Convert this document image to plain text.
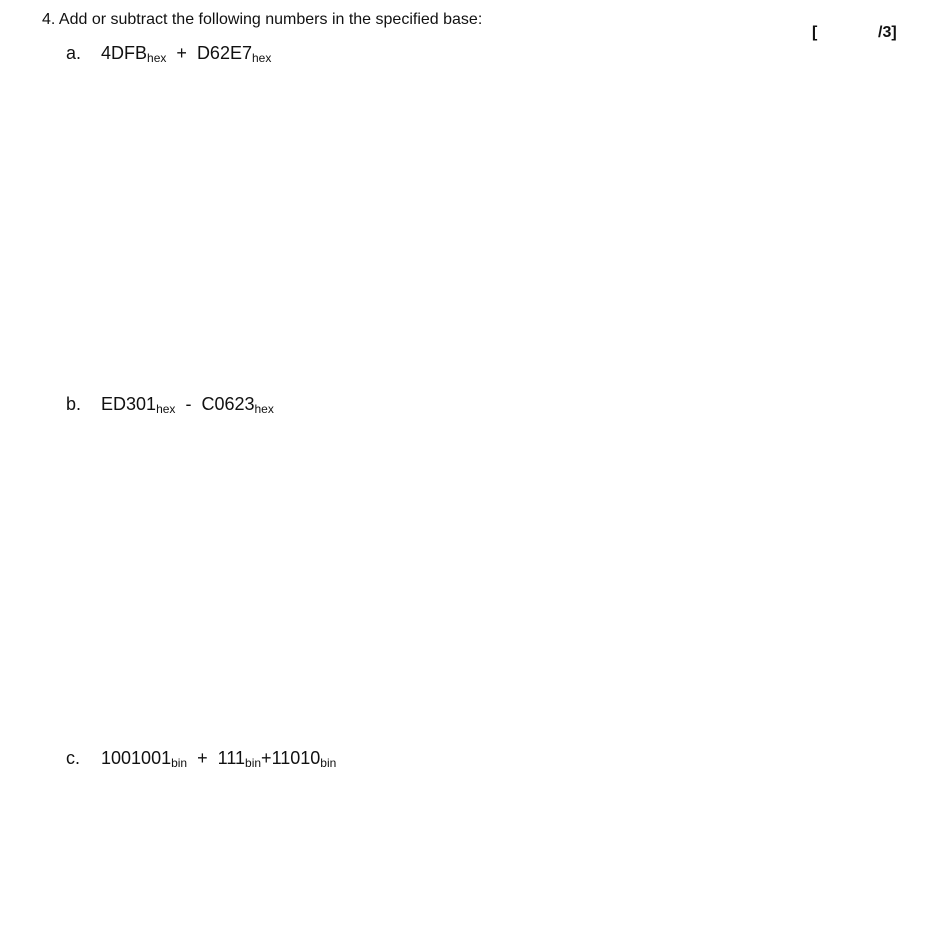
4. Add or subtract the following numbers in the specified base:
[	/3]
a. $4DFB_{hex} + D62E7_{hex}$
b. $ED301_{hex} - C0623_{hex}$
c. $1001001_{bin} + 111_{bin}+11010_{bin}$
